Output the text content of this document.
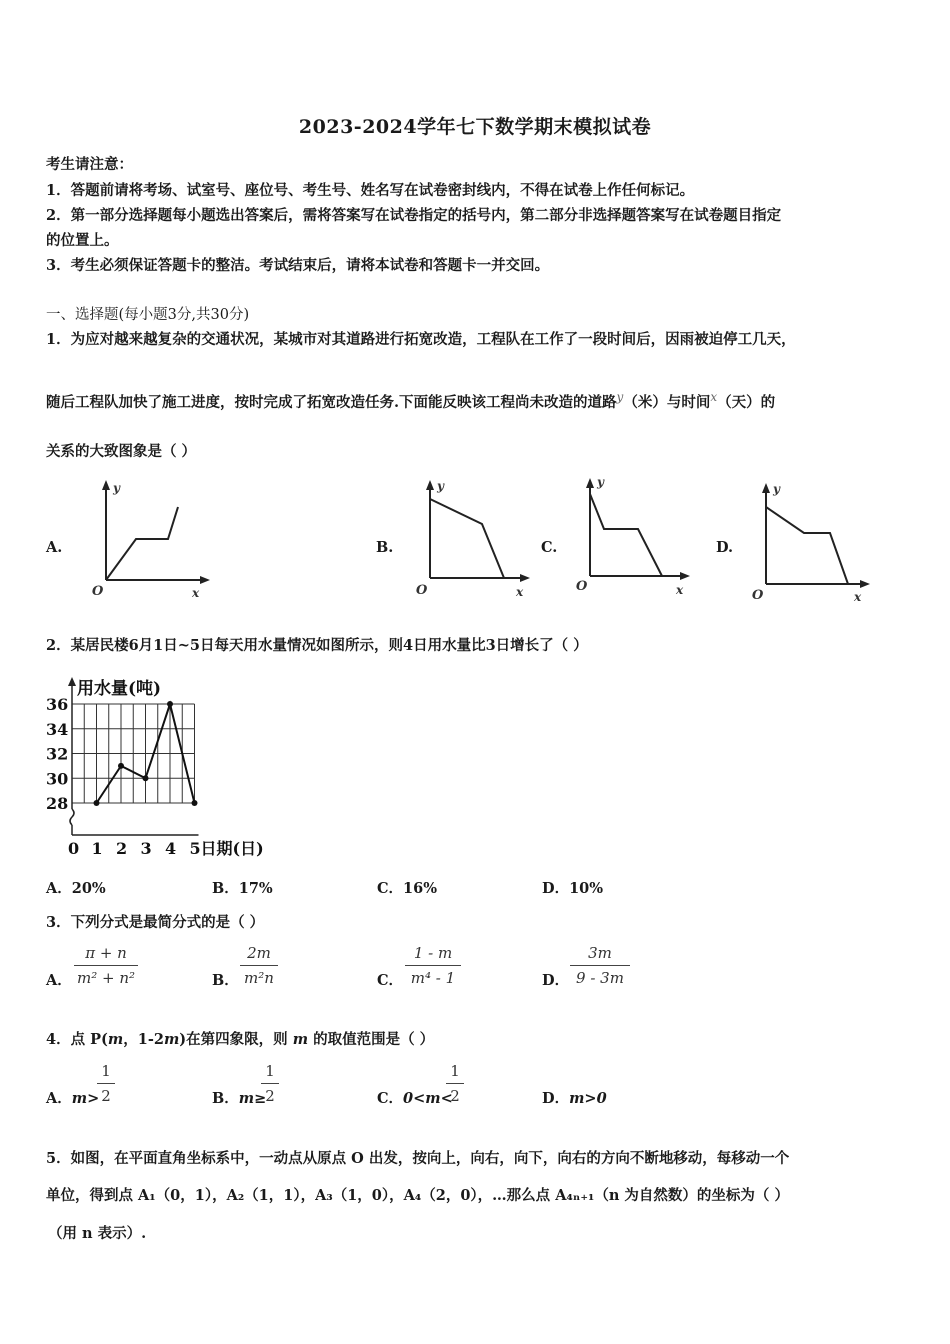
2023-2024学年七下数学期末模拟试卷
考生请注意：
1．答题前请将考场、试室号、座位号、考生号、姓名写在试卷密封线内，不得在试卷上作任何标记。
2．第一部分选择题每小题选出答案后，需将答案写在试卷指定的括号内，第二部分非选择题答案写在试卷题目指定
的位置上。
3．考生必须保证答题卡的整洁。考试结束后，请将本试卷和答题卡一并交回。
一、选择题(每小题3分,共30分)
1．为应对越来越复杂的交通状况，某城市对其道路进行拓宽改造，工程队在工作了一段时间后，因雨被迫停工几天，
随后工程队加快了施工进度，按时完成了拓宽改造任务.下面能反映该工程尚未改造的道路$^y$（米）与时间$^x$（天）的
关系的大致图象是（ ）
A.	B.	C.	D.
y
x
O
y
x
O
y
x
O
y
x
O
2．某居民楼6月1日~5日每天用水量情况如图所示，则4日用水量比3日增长了（ ）
28
30
32
34
36
0 1 2 3 4 5
用水量(吨)
日期(日)
A．20%	B．17%	C．16%	D．10%
3．下列分式是最简分式的是（ ）
A．
π + n
m² + n²	B．
2m
m²n	C．
1 - m
m⁴ - 1	D．
3m
9 - 3m
4．点 P(m，1-2m)在第四象限，则 m 的取值范围是（ ）
A．m>
1
2	B．m≥
1
2	C．0<m<
1
2	D．m>0
5．如图，在平面直角坐标系中，一动点从原点 O 出发，按向上，向右，向下，向右的方向不断地移动，每移动一个
单位，得到点 A₁（0，1），A₂（1，1），A₃（1，0），A₄（2，0），…那么点 A₄ₙ₊₁（n 为自然数）的坐标为（ ）
（用 n 表示）.
